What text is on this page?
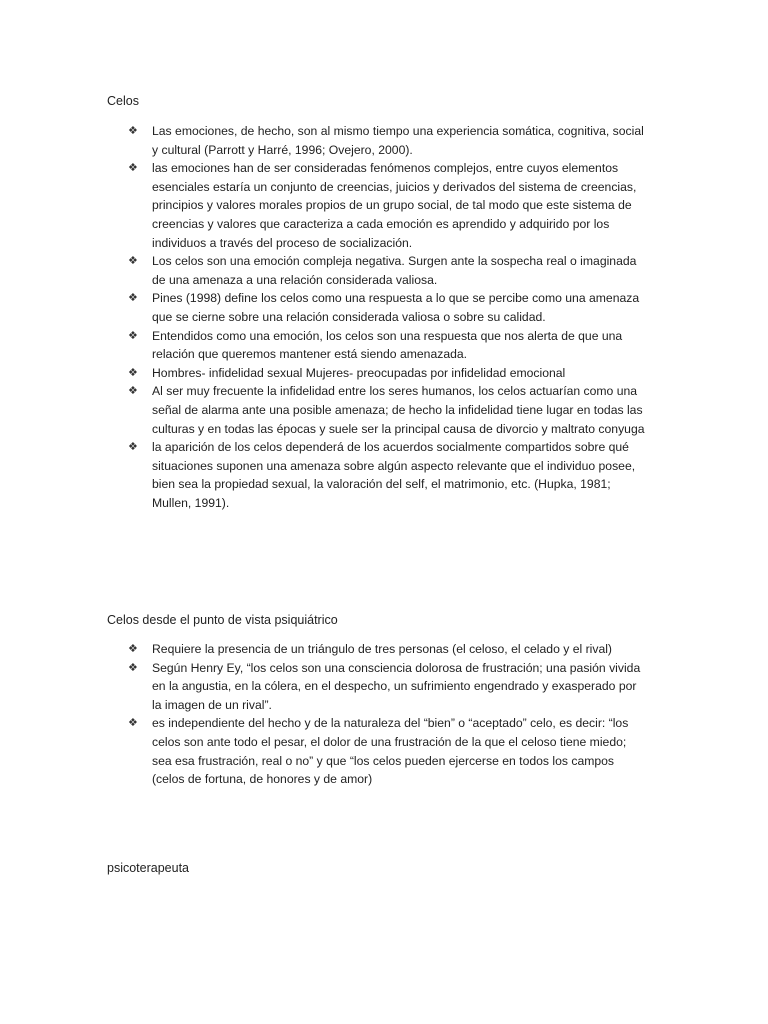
Celos
❖	Las emociones, de hecho, son al mismo tiempo una experiencia somática, cognitiva, social y cultural (Parrott y Harré, 1996; Ovejero, 2000).
❖	las emociones han de ser consideradas fenómenos complejos, entre cuyos elementos esenciales estaría un conjunto de creencias, juicios y derivados del sistema de creencias, principios y valores morales propios de un grupo social, de tal modo que este sistema de creencias y valores que caracteriza a cada emoción es aprendido y adquirido por los individuos a través del proceso de socialización.
❖	Los celos son una emoción compleja negativa. Surgen ante la sospecha real o imaginada de una amenaza a una relación considerada valiosa.
❖	Pines (1998) define los celos como una respuesta a lo que se percibe como una amenaza que se cierne sobre una relación considerada valiosa o sobre su calidad.
❖	Entendidos como una emoción, los celos son una respuesta que nos alerta de que una relación que queremos mantener está siendo amenazada.
❖	Hombres- infidelidad sexual Mujeres- preocupadas por infidelidad emocional
❖	Al ser muy frecuente la infidelidad entre los seres humanos, los celos actuarían como una señal de alarma ante una posible amenaza; de hecho la infidelidad tiene lugar en todas las culturas y en todas las épocas y suele ser la principal causa de divorcio y maltrato conyuga
❖	la aparición de los celos dependerá de los acuerdos socialmente compartidos sobre qué situaciones suponen una amenaza sobre algún aspecto relevante que el individuo posee, bien sea la propiedad sexual, la valoración del self, el matrimonio, etc. (Hupka, 1981; Mullen, 1991).
Celos desde el punto de vista psiquiátrico
❖	Requiere la presencia de un triángulo de tres personas (el celoso, el celado y el rival)
❖	Según Henry Ey, “los celos son una consciencia dolorosa de frustración; una pasión vivida en la angustia, en la cólera, en el despecho, un sufrimiento engendrado y exasperado por la imagen de un rival”.
❖	es independiente del hecho y de la naturaleza del “bien” o “aceptado” celo, es decir: “los celos son ante todo el pesar, el dolor de una frustración de la que el celoso tiene miedo; sea esa frustración, real o no” y que “los celos pueden ejercerse en todos los campos (celos de fortuna, de honores y de amor)
psicoterapeuta
